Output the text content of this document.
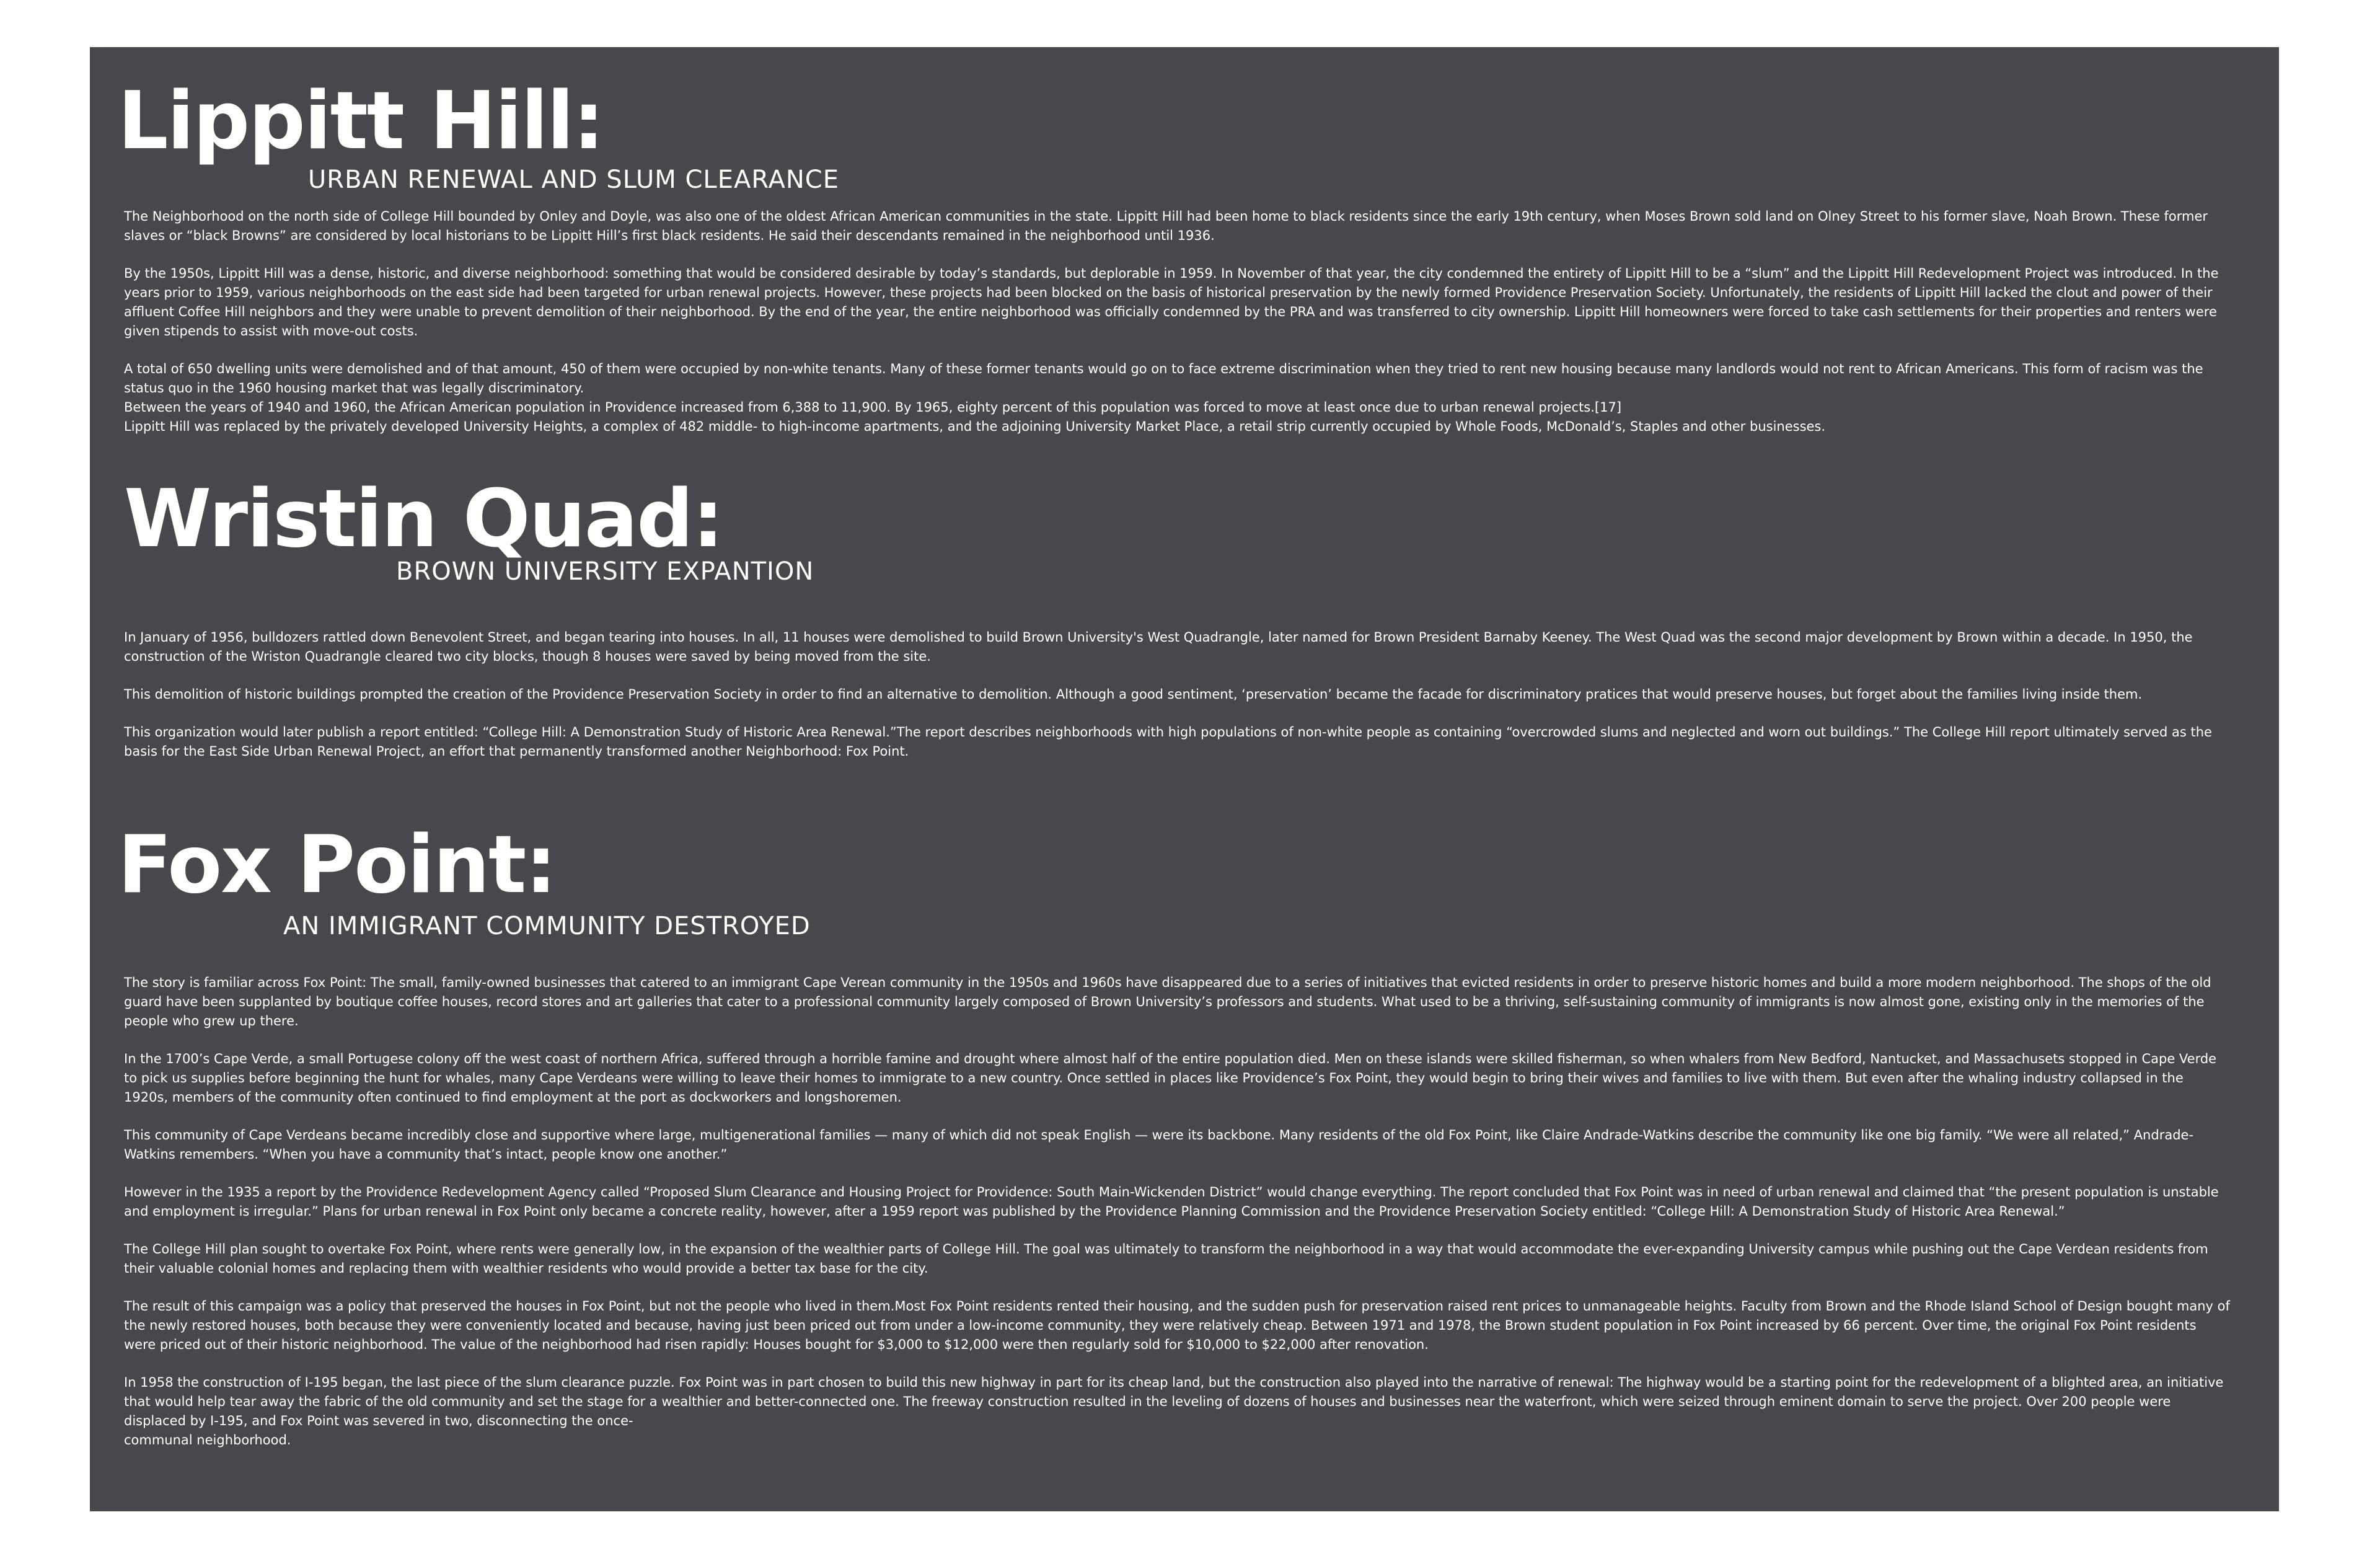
Lippitt Hill:
URBAN RENEWAL AND SLUM CLEARANCE

The Neighborhood on the north side of College Hill bounded by Onley and Doyle, was also one of the oldest African American communities in the state. Lippitt Hill had been home to black residents since the early 19th century, when Moses Brown sold land on Olney Street to his former slave, Noah Brown. These former slaves or “black Browns” are considered by local historians to be Lippitt Hill’s first black residents. He said their descendants remained in the neighborhood until 1936.

By the 1950s, Lippitt Hill was a dense, historic, and diverse neighborhood: something that would be considered desirable by today’s standards, but deplorable in 1959. In November of that year, the city condemned the entirety of Lippitt Hill to be a “slum” and the Lippitt Hill Redevelopment Project was introduced. In the years prior to 1959, various neighborhoods on the east side had been targeted for urban renewal projects. However, these projects had been blocked on the basis of historical preservation by the newly formed Providence Preservation Society. Unfortunately, the residents of Lippitt Hill lacked the clout and power of their affluent Coffee Hill neighbors and they were unable to prevent demolition of their neighborhood. By the end of the year, the entire neighborhood was officially condemned by the PRA and was transferred to city ownership. Lippitt Hill homeowners were forced to take cash settlements for their properties and renters were given stipends to assist with move-out costs.

A total of 650 dwelling units were demolished and of that amount, 450 of them were occupied by non-white tenants. Many of these former tenants would go on to face extreme discrimination when they tried to rent new housing because many landlords would not rent to African Americans. This form of racism was the status quo in the 1960 housing market that was legally discriminatory.
Between the years of 1940 and 1960, the African American population in Providence increased from 6,388 to 11,900. By 1965, eighty percent of this population was forced to move at least once due to urban renewal projects.[17]
Lippitt Hill was replaced by the privately developed University Heights, a complex of 482 middle- to high-income apartments, and the adjoining University Market Place, a retail strip currently occupied by Whole Foods, McDonald’s, Staples and other businesses.

Wristin Quad:
BROWN UNIVERSITY EXPANTION

In January of 1956, bulldozers rattled down Benevolent Street, and began tearing into houses. In all, 11 houses were demolished to build Brown University's West Quadrangle, later named for Brown President Barnaby Keeney. The West Quad was the second major development by Brown within a decade. In 1950, the construction of the Wriston Quadrangle cleared two city blocks, though 8 houses were saved by being moved from the site.

This demolition of historic buildings prompted the creation of the Providence Preservation Society in order to find an alternative to demolition. Although a good sentiment, ‘preservation’ became the facade for discriminatory pratices that would preserve houses, but forget about the families living inside them.

This organization would later publish a report entitled: “College Hill: A Demonstration Study of Historic Area Renewal.”The report describes neighborhoods with high populations of non-white people as containing “overcrowded slums and neglected and worn out buildings.” The College Hill report ultimately served as the basis for the East Side Urban Renewal Project, an effort that permanently transformed another Neighborhood: Fox Point.

Fox Point:
AN IMMIGRANT COMMUNITY DESTROYED

The story is familiar across Fox Point: The small, family-owned businesses that catered to an immigrant Cape Verean community in the 1950s and 1960s have disappeared due to a series of initiatives that evicted residents in order to preserve historic homes and build a more modern neighborhood. The shops of the old guard have been supplanted by boutique coffee houses, record stores and art galleries that cater to a professional community largely composed of Brown University’s professors and students. What used to be a thriving, self-sustaining community of immigrants is now almost gone, existing only in the memories of the people who grew up there.

In the 1700’s Cape Verde, a small Portugese colony off the west coast of northern Africa, suffered through a horrible famine and drought where almost half of the entire population died. Men on these islands were skilled fisherman, so when whalers from New Bedford, Nantucket, and Massachusets stopped in Cape Verde to pick us supplies before beginning the hunt for whales, many Cape Verdeans were willing to leave their homes to immigrate to a new country. Once settled in places like Providence’s Fox Point, they would begin to bring their wives and families to live with them. But even after the whaling industry collapsed in the 1920s, members of the community often continued to find employment at the port as dockworkers and longshoremen.

This community of Cape Verdeans became incredibly close and supportive where large, multigenerational families — many of which did not speak English — were its backbone. Many residents of the old Fox Point, like Claire Andrade-Watkins describe the community like one big family. “We were all related,” Andrade-Watkins remembers. “When you have a community that’s intact, people know one another.”

However in the 1935 a report by the Providence Redevelopment Agency called “Proposed Slum Clearance and Housing Project for Providence: South Main-Wickenden District” would change everything. The report concluded that Fox Point was in need of urban renewal and claimed that “the present population is unstable and employment is irregular.” Plans for urban renewal in Fox Point only became a concrete reality, however, after a 1959 report was published by the Providence Planning Commission and the Providence Preservation Society entitled: “College Hill: A Demonstration Study of Historic Area Renewal.”

The College Hill plan sought to overtake Fox Point, where rents were generally low, in the expansion of the wealthier parts of College Hill. The goal was ultimately to transform the neighborhood in a way that would accommodate the ever-expanding University campus while pushing out the Cape Verdean residents from their valuable colonial homes and replacing them with wealthier residents who would provide a better tax base for the city.

The result of this campaign was a policy that preserved the houses in Fox Point, but not the people who lived in them.Most Fox Point residents rented their housing, and the sudden push for preservation raised rent prices to unmanageable heights. Faculty from Brown and the Rhode Island School of Design bought many of the newly restored houses, both because they were conveniently located and because, having just been priced out from under a low-income community, they were relatively cheap. Between 1971 and 1978, the Brown student population in Fox Point increased by 66 percent. Over time, the original Fox Point residents were priced out of their historic neighborhood. The value of the neighborhood had risen rapidly: Houses bought for $3,000 to $12,000 were then regularly sold for $10,000 to $22,000 after renovation.

In 1958 the construction of I-195 began, the last piece of the slum clearance puzzle. Fox Point was in part chosen to build this new highway in part for its cheap land, but the construction also played into the narrative of renewal: The highway would be a starting point for the redevelopment of a blighted area, an initiative that would help tear away the fabric of the old community and set the stage for a wealthier and better-connected one. The freeway construction resulted in the leveling of dozens of houses and businesses near the waterfront, which were seized through eminent domain to serve the project. Over 200 people were displaced by I-195, and Fox Point was severed in two, disconnecting the once-
communal neighborhood.
